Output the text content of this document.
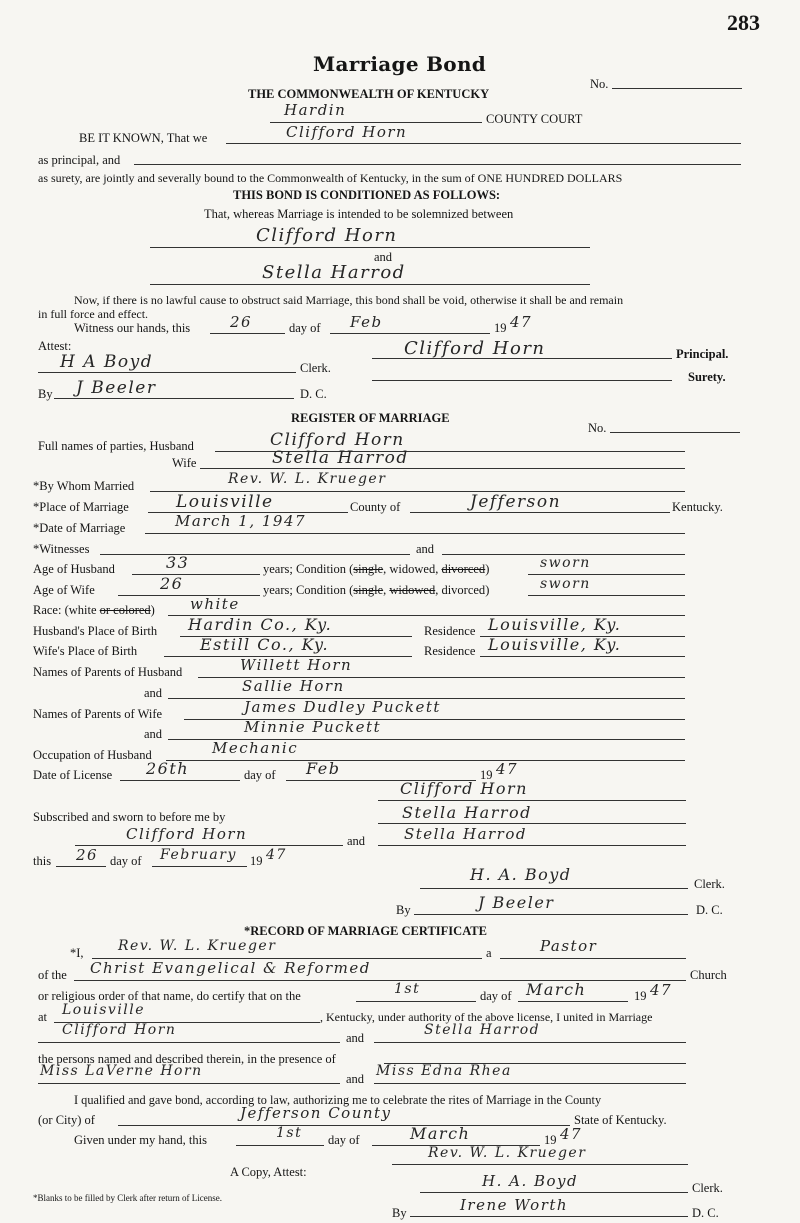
283
Marriage Bond
No.
THE COMMONWEALTH OF KENTUCKY
Hardin	COUNTY COURT
BE IT KNOWN, That we	Clifford Horn
as principal, and
as surety, are jointly and severally bound to the Commonwealth of Kentucky, in the sum of ONE HUNDRED DOLLARS
THIS BOND IS CONDITIONED AS FOLLOWS:
That, whereas Marriage is intended to be solemnized between
Clifford Horn
and
Stella Harrod
Now, if there is no lawful cause to obstruct said Marriage, this bond shall be void, otherwise it shall be and remain
in full force and effect.
Witness our hands, this	26	day of Feb	19 47
Attest:
H A Boyd	Clerk.
Clifford Horn	Principal.
Surety.
By J Beeler	D. C.
REGISTER OF MARRIAGE
No.
Full names of parties, Husband	Clifford Horn
Wife	Stella Harrod
*By Whom Married	Rev. W. L. Krueger
*Place of Marriage	Louisville	County of	Jefferson	Kentucky.
*Date of Marriage	March 1, 1947
*Witnesses	and
Age of Husband	33	years; Condition (single, widowed, divorced)	sworn
Age of Wife	26	years; Condition (single, widowed, divorced)	sworn
Race: (white or colored) white
Husband's Place of Birth Hardin Co., Ky.	Residence Louisville, Ky.
Wife's Place of Birth	Estill Co., Ky.	Residence Louisville, Ky.
Names of Parents of Husband	Willett Horn
and	Sallie Horn
Names of Parents of Wife	James Dudley Puckett
and	Minnie Puckett
Occupation of Husband	Mechanic
Date of License 26th	day of Feb	19 47
Clifford Horn
Subscribed and sworn to before me by	Stella Harrod
Clifford Horn	and	Stella Harrod
this 26 day of February 19 47
H. A. Boyd	Clerk.
By	J Beeler	D. C.
*RECORD OF MARRIAGE CERTIFICATE
*I, Rev. W. L. Krueger	a	Pastor
of the Christ Evangelical & Reformed	Church
or religious order of that name, do certify that on the	1st	day of March	19 47
at Louisville	, Kentucky, under authority of the above license, I united in Marriage
Clifford Horn	and	Stella Harrod
the persons named and described therein, in the presence of
Miss LaVerne Horn	and Miss Edna Rhea
I qualified and gave bond, according to law, authorizing me to celebrate the rites of Marriage in the County
(or City) of	Jefferson County	State of Kentucky.
Given under my hand, this	1st day of	March	19 47
Rev. W. L. Krueger
A Copy, Attest:	H. A. Boyd	Clerk.
*Blanks to be filled by Clerk after return of License.
By	Irene Worth	D. C.
